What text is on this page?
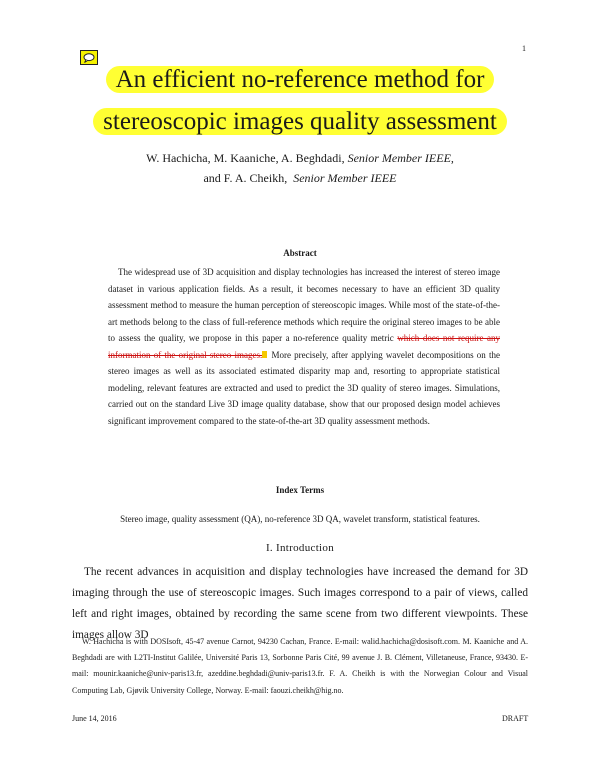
1
An efficient no-reference method for
stereoscopic images quality assessment
W. Hachicha, M. Kaaniche, A. Beghdadi, Senior Member IEEE,
and F. A. Cheikh, Senior Member IEEE
Abstract
The widespread use of 3D acquisition and display technologies has increased the interest of stereo image dataset in various application fields. As a result, it becomes necessary to have an efficient 3D quality assessment method to measure the human perception of stereoscopic images. While most of the state-of-the-art methods belong to the class of full-reference methods which require the original stereo images to be able to assess the quality, we propose in this paper a no-reference quality metric which does not require any information of the original stereo images. More precisely, after applying wavelet decompositions on the stereo images as well as its associated estimated disparity map and, resorting to appropriate statistical modeling, relevant features are extracted and used to predict the 3D quality of stereo images. Simulations, carried out on the standard Live 3D image quality database, show that our proposed design model achieves significant improvement compared to the state-of-the-art 3D quality assessment methods.
Index Terms
Stereo image, quality assessment (QA), no-reference 3D QA, wavelet transform, statistical features.
I. Introduction
The recent advances in acquisition and display technologies have increased the demand for 3D imaging through the use of stereoscopic images. Such images correspond to a pair of views, called left and right images, obtained by recording the same scene from two different viewpoints. These images allow 3D
W. Hachicha is with DOSIsoft, 45-47 avenue Carnot, 94230 Cachan, France. E-mail: walid.hachicha@dosisoft.com. M. Kaaniche and A. Beghdadi are with L2TI-Institut Galilée, Université Paris 13, Sorbonne Paris Cité, 99 avenue J. B. Clément, Villetaneuse, France, 93430. E-mail: mounir.kaaniche@univ-paris13.fr, azeddine.beghdadi@univ-paris13.fr. F. A. Cheikh is with the Norwegian Colour and Visual Computing Lab, Gjøvik University College, Norway. E-mail: faouzi.cheikh@hig.no.
June 14, 2016	DRAFT
